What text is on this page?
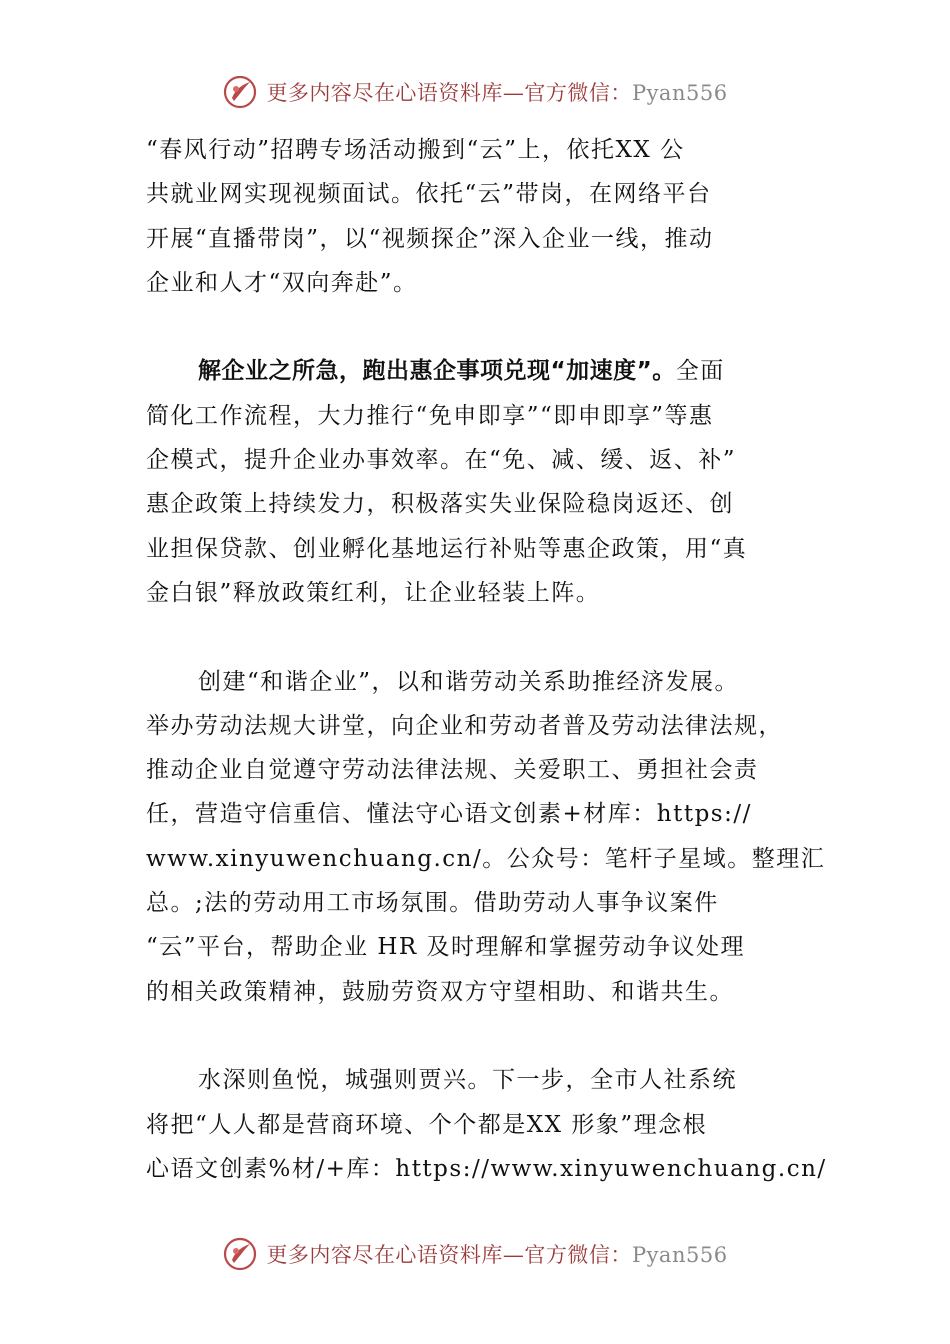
更多内容尽在心语资料库—官方微信：Pyan556

“春风行动”招聘专场活动搬到“云”上，依托XX 公
共就业网实现视频面试。依托“云”带岗，在网络平台
开展“直播带岗”，以“视频探企”深入企业一线，推动
企业和人才“双向奔赴”。

解企业之所急，跑出惠企事项兑现“加速度”。全面
简化工作流程，大力推行“免申即享”“即申即享”等惠
企模式，提升企业办事效率。在“免、减、缓、返、补”
惠企政策上持续发力，积极落实失业保险稳岗返还、创
业担保贷款、创业孵化基地运行补贴等惠企政策，用“真
金白银”释放政策红利，让企业轻装上阵。

创建“和谐企业”，以和谐劳动关系助推经济发展。
举办劳动法规大讲堂，向企业和劳动者普及劳动法律法规，
推动企业自觉遵守劳动法律法规、关爱职工、勇担社会责
任，营造守信重信、懂法守心语文创素+材库：https://
www.xinyuwenchuang.cn/。公众号：笔杆子星域。整理汇
总。;法的劳动用工市场氛围。借助劳动人事争议案件
“云”平台，帮助企业 HR 及时理解和掌握劳动争议处理
的相关政策精神，鼓励劳资双方守望相助、和谐共生。

水深则鱼悦，城强则贾兴。下一步，全市人社系统
将把“人人都是营商环境、个个都是XX 形象”理念根
心语文创素%材/+库：https://www.xinyuwenchuang.cn/

更多内容尽在心语资料库—官方微信：Pyan556
